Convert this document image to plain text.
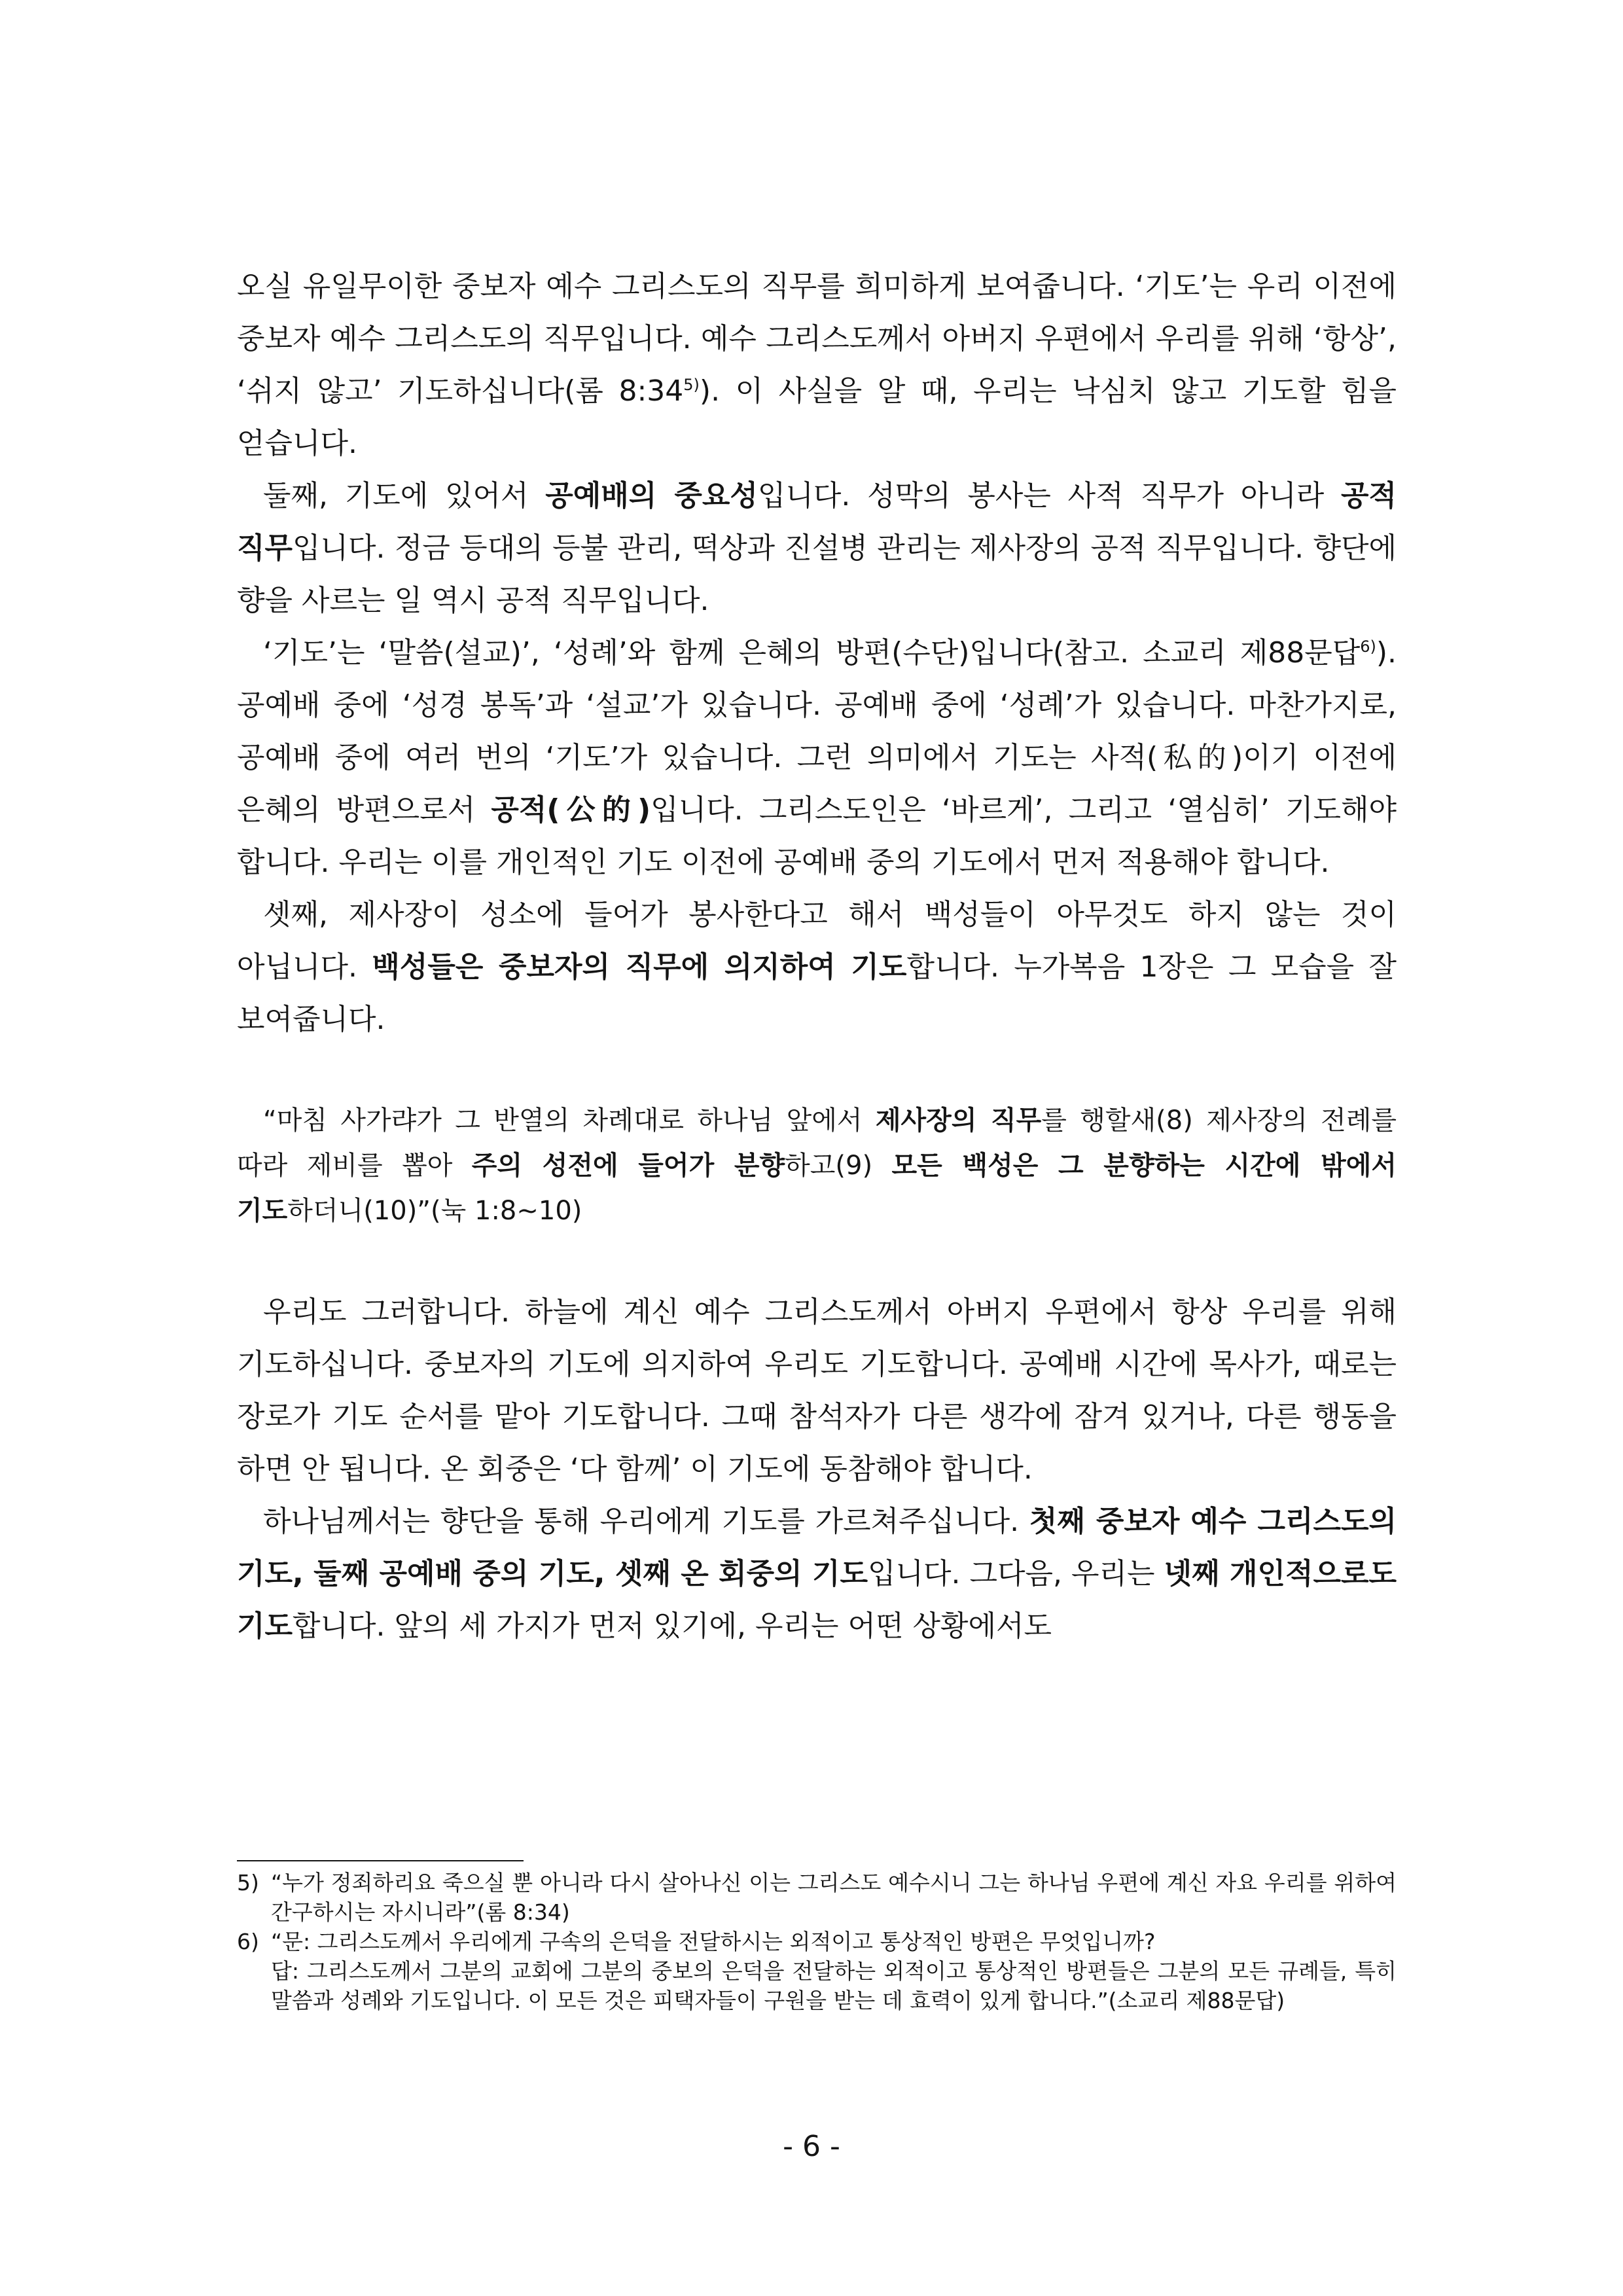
오실 유일무이한 중보자 예수 그리스도의 직무를 희미하게 보여줍니다. ‘기도’는 우리 이전에 중보자 예수 그리스도의 직무입니다. 예수 그리스도께서 아버지 우편에서 우리를 위해 ‘항상’, ‘쉬지 않고’ 기도하십니다(롬 8:34$^{5)}$). 이 사실을 알 때, 우리는 낙심치 않고 기도할 힘을 얻습니다.

둘째, 기도에 있어서 공예배의 중요성입니다. 성막의 봉사는 사적 직무가 아니라 공적 직무입니다. 정금 등대의 등불 관리, 떡상과 진설병 관리는 제사장의 공적 직무입니다. 향단에 향을 사르는 일 역시 공적 직무입니다.

‘기도’는 ‘말씀(설교)’, ‘성례’와 함께 은혜의 방편(수단)입니다(참고. 소교리 제88문답$^{6)}$). 공예배 중에 ‘성경 봉독’과 ‘설교’가 있습니다. 공예배 중에 ‘성례’가 있습니다. 마찬가지로, 공예배 중에 여러 번의 ‘기도’가 있습니다. 그런 의미에서 기도는 사적(私的)이기 이전에 은혜의 방편으로서 공적(公的)입니다. 그리스도인은 ‘바르게’, 그리고 ‘열심히’ 기도해야 합니다. 우리는 이를 개인적인 기도 이전에 공예배 중의 기도에서 먼저 적용해야 합니다.

셋째, 제사장이 성소에 들어가 봉사한다고 해서 백성들이 아무것도 하지 않는 것이 아닙니다. 백성들은 중보자의 직무에 의지하여 기도합니다. 누가복음 1장은 그 모습을 잘 보여줍니다.

“마침 사가랴가 그 반열의 차례대로 하나님 앞에서 제사장의 직무를 행할새(8) 제사장의 전례를 따라 제비를 뽑아 주의 성전에 들어가 분향하고(9) 모든 백성은 그 분향하는 시간에 밖에서 기도하더니(10)”(눅 1:8~10)

우리도 그러합니다. 하늘에 계신 예수 그리스도께서 아버지 우편에서 항상 우리를 위해 기도하십니다. 중보자의 기도에 의지하여 우리도 기도합니다. 공예배 시간에 목사가, 때로는 장로가 기도 순서를 맡아 기도합니다. 그때 참석자가 다른 생각에 잠겨 있거나, 다른 행동을 하면 안 됩니다. 온 회중은 ‘다 함께’ 이 기도에 동참해야 합니다.

하나님께서는 향단을 통해 우리에게 기도를 가르쳐주십니다. 첫째 중보자 예수 그리스도의 기도, 둘째 공예배 중의 기도, 셋째 온 회중의 기도입니다. 그다음, 우리는 넷째 개인적으로도 기도합니다. 앞의 세 가지가 먼저 있기에, 우리는 어떤 상황에서도

5) “누가 정죄하리요 죽으실 뿐 아니라 다시 살아나신 이는 그리스도 예수시니 그는 하나님 우편에 계신 자요 우리를 위하여 간구하시는 자시니라”(롬 8:34)

6) “문: 그리스도께서 우리에게 구속의 은덕을 전달하시는 외적이고 통상적인 방편은 무엇입니까?

답: 그리스도께서 그분의 교회에 그분의 중보의 은덕을 전달하는 외적이고 통상적인 방편들은 그분의 모든 규례들, 특히 말씀과 성례와 기도입니다. 이 모든 것은 피택자들이 구원을 받는 데 효력이 있게 합니다.”(소교리 제88문답)

- 6 -
